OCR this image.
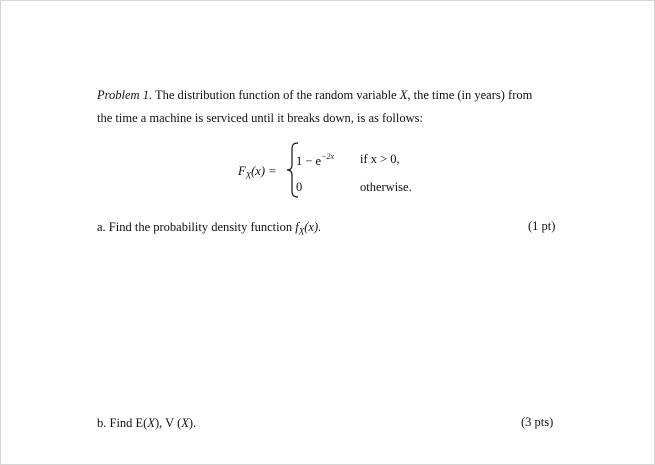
Problem 1. The distribution function of the random variable X, the time (in years) from
the time a machine is serviced until it breaks down, is as follows:
$F_X(x)$ =
$1 - e^{-2x}$ if x > 0,
0	otherwise.
a. Find the probability density function $f_X(x)$.	(1 pt)
b. Find E(X), V (X).	(3 pts)
